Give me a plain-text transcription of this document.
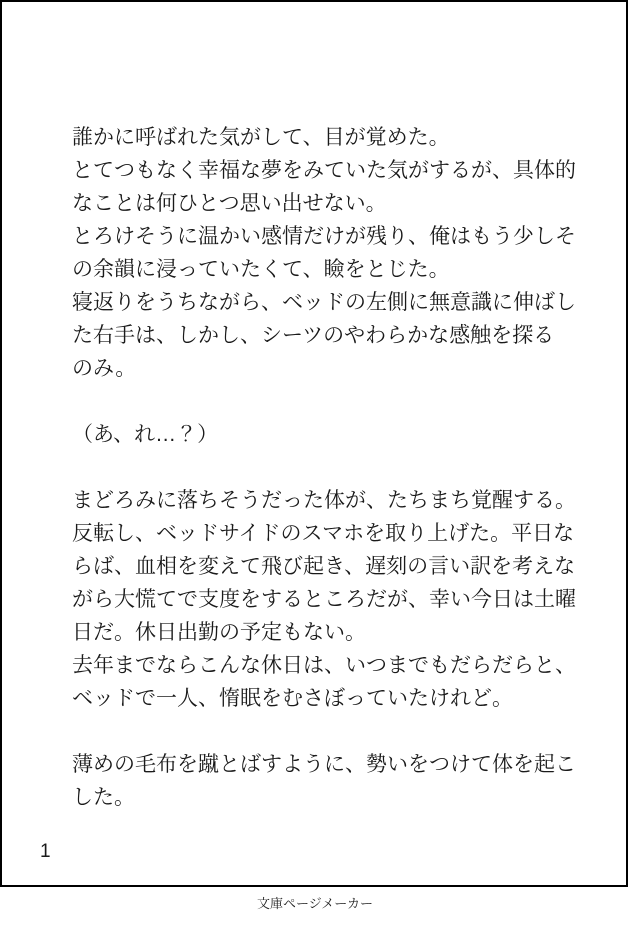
誰かに呼ばれた気がして、目が覚めた。
とてつもなく幸福な夢をみていた気がするが、具体的
なことは何ひとつ思い出せない。
とろけそうに温かい感情だけが残り、俺はもう少しそ
の余韻に浸っていたくて、瞼をとじた。
寝返りをうちながら、ベッドの左側に無意識に伸ばし
た右手は、しかし、シーツのやわらかな感触を探る
のみ。

（あ、れ…？）

まどろみに落ちそうだった体が、たちまち覚醒する。
反転し、ベッドサイドのスマホを取り上げた。平日な
らば、血相を変えて飛び起き、遅刻の言い訳を考えな
がら大慌てで支度をするところだが、幸い今日は土曜
日だ。休日出勤の予定もない。
去年までならこんな休日は、いつまでもだらだらと、
ベッドで一人、惰眠をむさぼっていたけれど。

薄めの毛布を蹴とばすように、勢いをつけて体を起こ
した。
1
文庫ページメーカー
